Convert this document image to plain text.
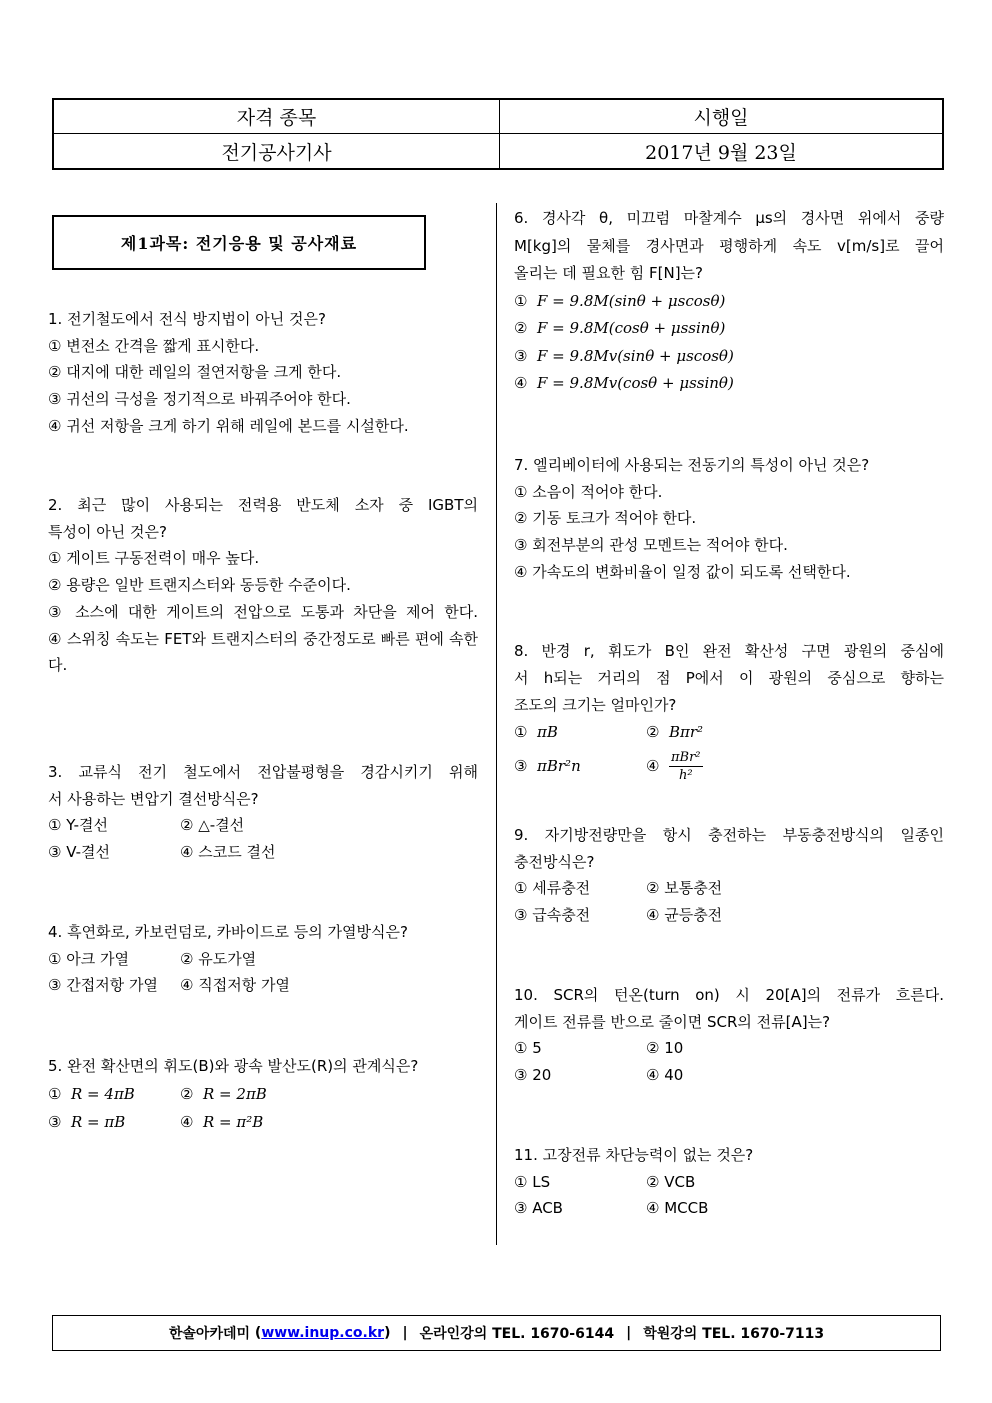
자격 종목	시행일
전기공사기사	2017년 9월 23일
제1과목: 전기응용 및 공사재료
1. 전기철도에서 전식 방지법이 아닌 것은?
① 변전소 간격을 짧게 표시한다.
② 대지에 대한 레일의 절연저항을 크게 한다.
③ 귀선의 극성을 정기적으로 바꿔주어야 한다.
④ 귀선 저항을 크게 하기 위해 레일에 본드를 시설한다.
2. 최근 많이 사용되는 전력용 반도체 소자 중 IGBT의
특성이 아닌 것은?
① 게이트 구동전력이 매우 높다.
② 용량은 일반 트랜지스터와 동등한 수준이다.
③ 소스에 대한 게이트의 전압으로 도통과 차단을 제어 한다.
④ 스위칭 속도는 FET와 트랜지스터의 중간정도로 빠른 편에 속한다.
3. 교류식 전기 철도에서 전압불평형을 경감시키기 위해
서 사용하는 변압기 결선방식은?
① Y-결선	② △-결선
③ V-결선	④ 스코드 결선
4. 흑연화로, 카보런덤로, 카바이드로 등의 가열방식은?
① 아크 가열	② 유도가열
③ 간접저항 가열	④ 직접저항 가열
5. 완전 확산면의 휘도(B)와 광속 발산도(R)의 관계식은?
① R = 4πB	② R = 2πB
③ R = πB	④ R = π²B
6. 경사각 θ, 미끄럼 마찰계수 μs의 경사면 위에서 중량
M[kg]의 물체를 경사면과 평행하게 속도 v[m/s]로 끌어
올리는 데 필요한 힘 F[N]는?
① F = 9.8M(sinθ + μscosθ)
② F = 9.8M(cosθ + μssinθ)
③ F = 9.8Mv(sinθ + μscosθ)
④ F = 9.8Mv(cosθ + μssinθ)
7. 엘리베이터에 사용되는 전동기의 특성이 아닌 것은?
① 소음이 적어야 한다.
② 기동 토크가 적어야 한다.
③ 회전부분의 관성 모멘트는 적어야 한다.
④ 가속도의 변화비율이 일정 값이 되도록 선택한다.
8. 반경 r, 휘도가 B인 완전 확산성 구면 광원의 중심에
서 h되는 거리의 점 P에서 이 광원의 중심으로 향하는
조도의 크기는 얼마인가?
① πB	② Bπr²
③ πBr²n	④ $\frac{\text{πBr²}}{\text{h²}}$
9. 자기방전량만을 항시 충전하는 부동충전방식의 일종인
충전방식은?
① 세류충전	② 보통충전
③ 급속충전	④ 균등충전
10. SCR의 턴온(turn on) 시 20[A]의 전류가 흐른다.
게이트 전류를 반으로 줄이면 SCR의 전류[A]는?
① 5	② 10
③ 20	④ 40
11. 고장전류 차단능력이 없는 것은?
① LS	② VCB
③ ACB	④ MCCB
한솔아카데미 ( www.inup.co.kr ) | 온라인강의 TEL. 1670-6144 | 학원강의 TEL. 1670-7113
